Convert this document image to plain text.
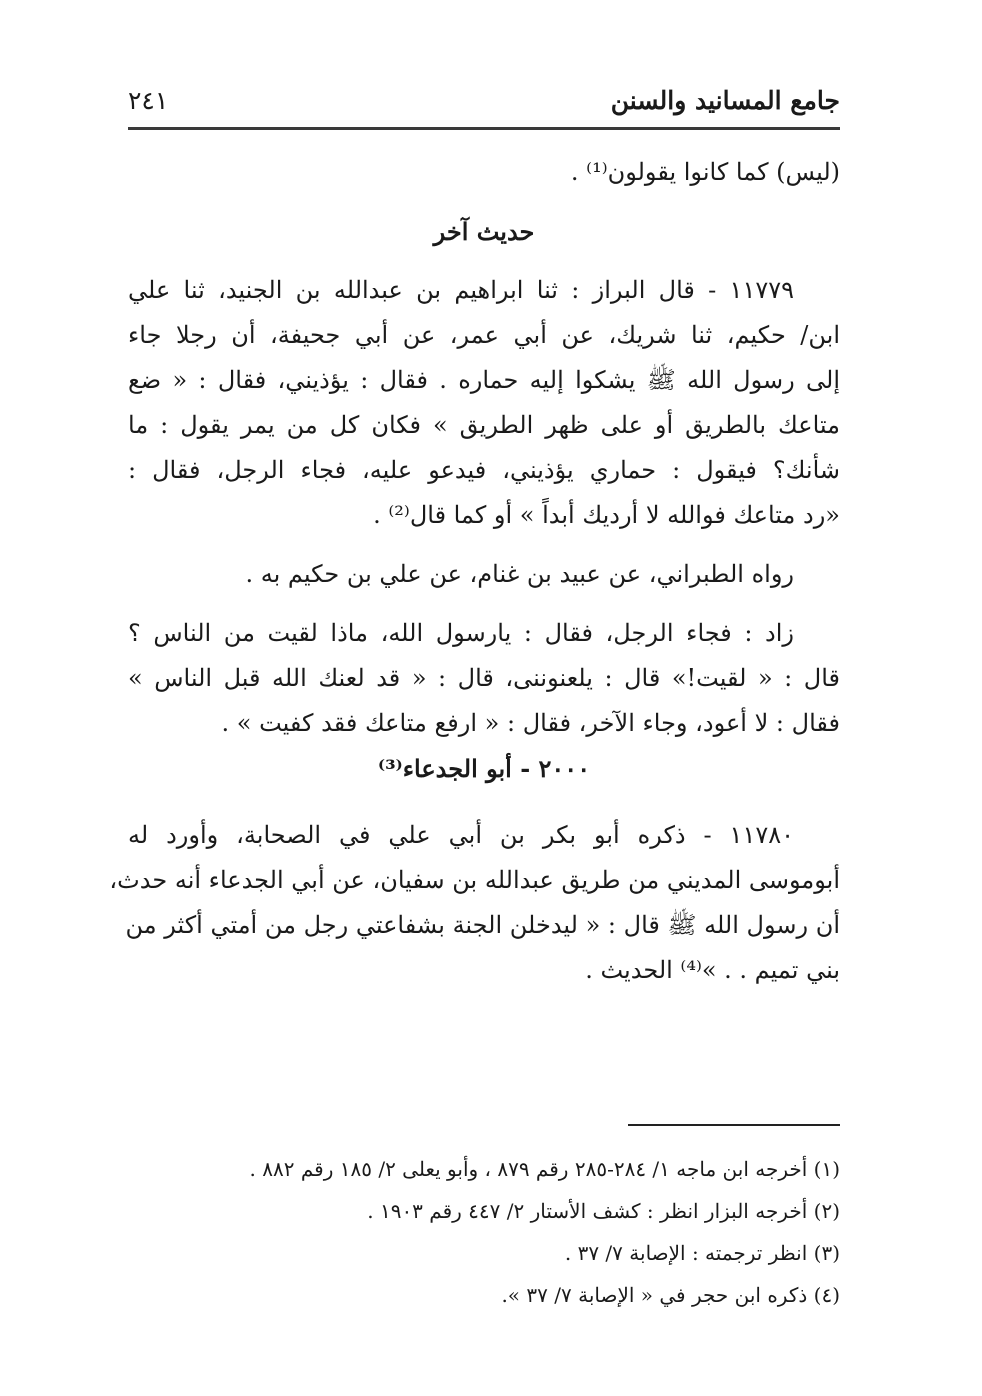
جامع المسانيد والسنن
٢٤١
(ليس) كما كانوا يقولون⁽¹⁾ .
حديث آخر
١١٧٧٩ - قال البراز : ثنا ابراهيم بن عبدالله بن الجنيد، ثنا علي
ابن/ حكيم، ثنا شريك، عن أبي عمر، عن أبي جحيفة، أن رجلا جاء
إلى رسول الله ﷺ يشكوا إليه حماره . فقال : يؤذيني، فقال : « ضع
متاعك بالطريق أو على ظهر الطريق » فكان كل من يمر يقول : ما
شأنك؟ فيقول : حماري يؤذيني، فيدعو عليه، فجاء الرجل، فقال :
«رد متاعك فوالله لا أرديك أبداً » أو كما قال⁽²⁾ .
رواه الطبراني، عن عبيد بن غنام، عن علي بن حكيم به .
زاد : فجاء الرجل، فقال : يارسول الله، ماذا لقيت من الناس ؟
قال : « لقيت!» قال : يلعنوننى، قال : « قد لعنك الله قبل الناس »
فقال : لا أعود، وجاء الآخر، فقال : « ارفع متاعك فقد كفيت » .
٢٠٠٠ - أبو الجدعاء⁽³⁾
١١٧٨٠ - ذكره أبو بكر بن أبي علي في الصحابة، وأورد له
أبوموسى المديني من طريق عبدالله بن سفيان، عن أبي الجدعاء أنه حدث،
أن رسول الله ﷺ قال : « ليدخلن الجنة بشفاعتي رجل من أمتي أكثر من
بني تميم . . »⁽⁴⁾ الحديث .
(١) أخرجه ابن ماجه ١/ ٢٨٤-٢٨٥ رقم ٨٧٩ ، وأبو يعلى ٢/ ١٨٥ رقم ٨٨٢ .
(٢) أخرجه البزار انظر : كشف الأستار ٢/ ٤٤٧ رقم ١٩٠٣ .
(٣) انظر ترجمته : الإصابة ٧/ ٣٧ .
(٤) ذكره ابن حجر في « الإصابة ٧/ ٣٧ ».
